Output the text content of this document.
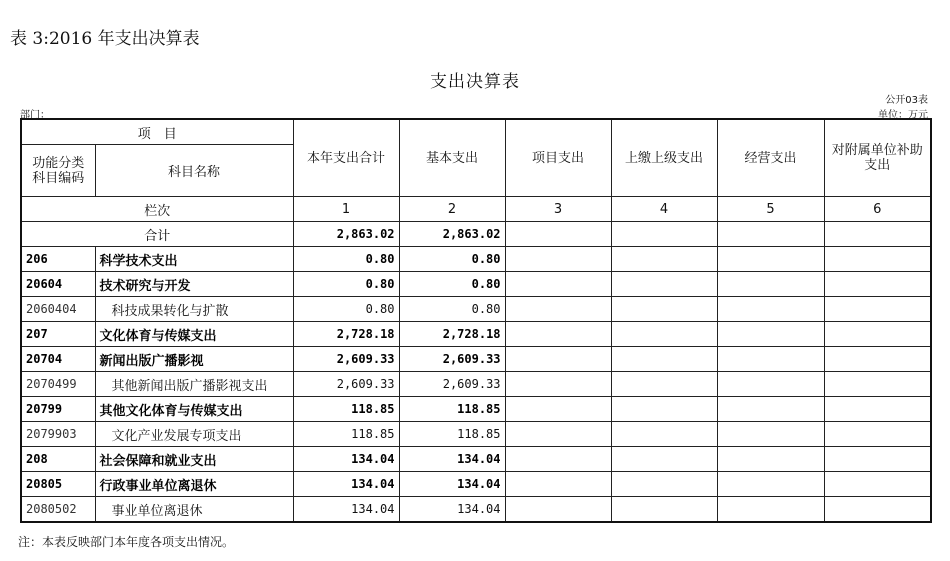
表 3:2016 年支出决算表
支出决算表
公开03表
部门：	单位：万元
项　目		本年支出合计	基本支出	项目支出	上缴上级支出	经营支出	对附属单位补助支出
功能分类
科目编码	科目名称						
栏次		1	2	3	4	5	6
合计		2,863.02	2,863.02				
206	科学技术支出	0.80	0.80				
20604	技术研究与开发	0.80	0.80				
2060404	科技成果转化与扩散	0.80	0.80				
207	文化体育与传媒支出	2,728.18	2,728.18				
20704	新闻出版广播影视	2,609.33	2,609.33				
2070499	其他新闻出版广播影视支出	2,609.33	2,609.33				
20799	其他文化体育与传媒支出	118.85	118.85				
2079903	文化产业发展专项支出	118.85	118.85				
208	社会保障和就业支出	134.04	134.04				
20805	行政事业单位离退休	134.04	134.04				
2080502	事业单位离退休	134.04	134.04				
注：本表反映部门本年度各项支出情况。
